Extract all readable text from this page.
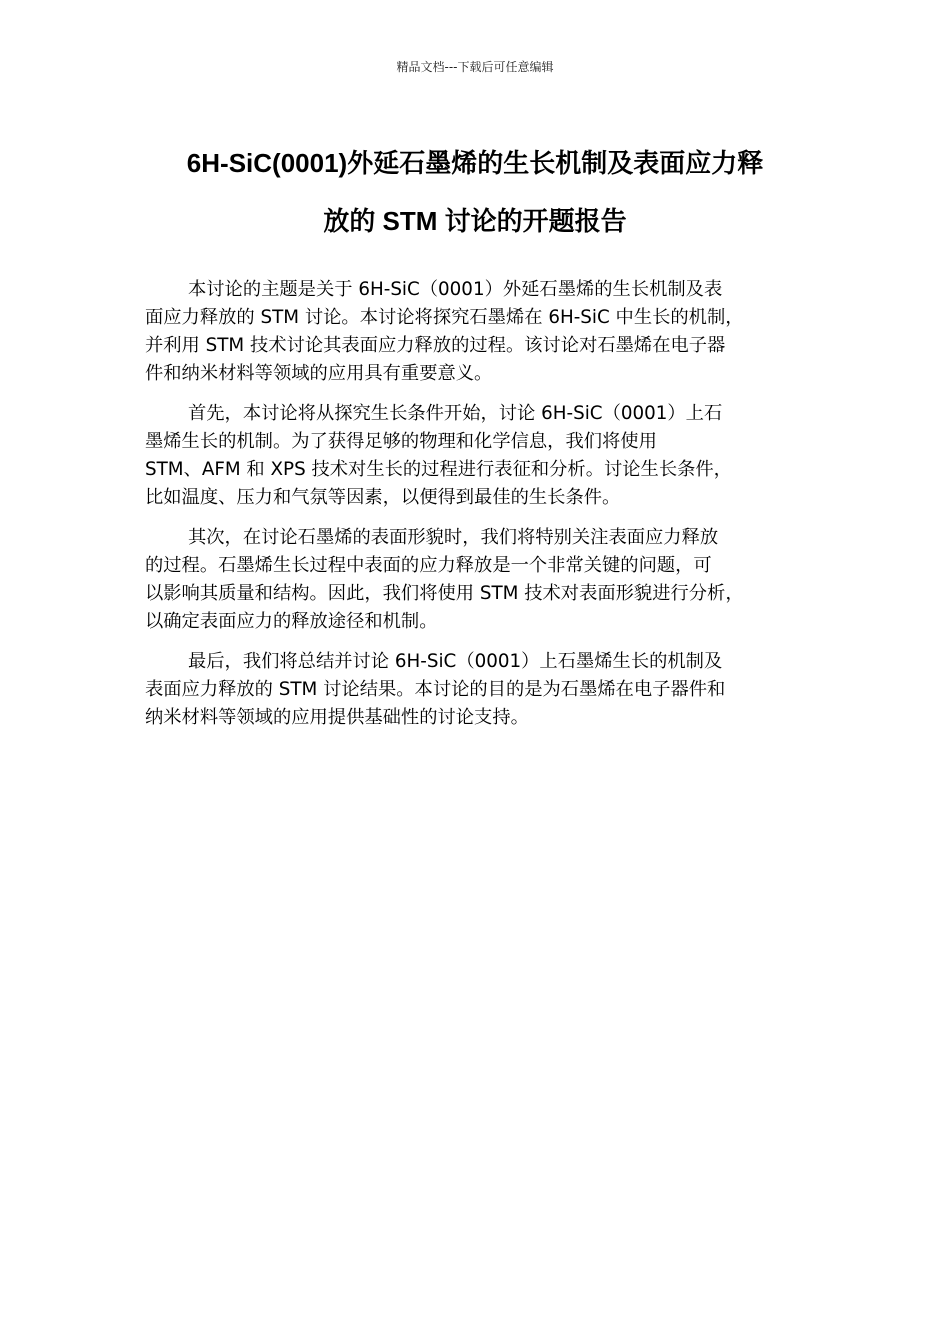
精品文档---下载后可任意编辑
6H-SiC(0001)外延石墨烯的生长机制及表面应力释
放的 STM 讨论的开题报告

本讨论的主题是关于 6H-SiC（0001）外延石墨烯的生长机制及表
面应力释放的 STM 讨论。本讨论将探究石墨烯在 6H-SiC 中生长的机制，
并利用 STM 技术讨论其表面应力释放的过程。该讨论对石墨烯在电子器
件和纳米材料等领域的应用具有重要意义。

首先，本讨论将从探究生长条件开始，讨论 6H-SiC（0001）上石
墨烯生长的机制。为了获得足够的物理和化学信息，我们将使用
STM、AFM 和 XPS 技术对生长的过程进行表征和分析。讨论生长条件，
比如温度、压力和气氛等因素，以便得到最佳的生长条件。

其次，在讨论石墨烯的表面形貌时，我们将特别关注表面应力释放
的过程。石墨烯生长过程中表面的应力释放是一个非常关键的问题，可
以影响其质量和结构。因此，我们将使用 STM 技术对表面形貌进行分析，
以确定表面应力的释放途径和机制。

最后，我们将总结并讨论 6H-SiC（0001）上石墨烯生长的机制及
表面应力释放的 STM 讨论结果。本讨论的目的是为石墨烯在电子器件和
纳米材料等领域的应用提供基础性的讨论支持。
